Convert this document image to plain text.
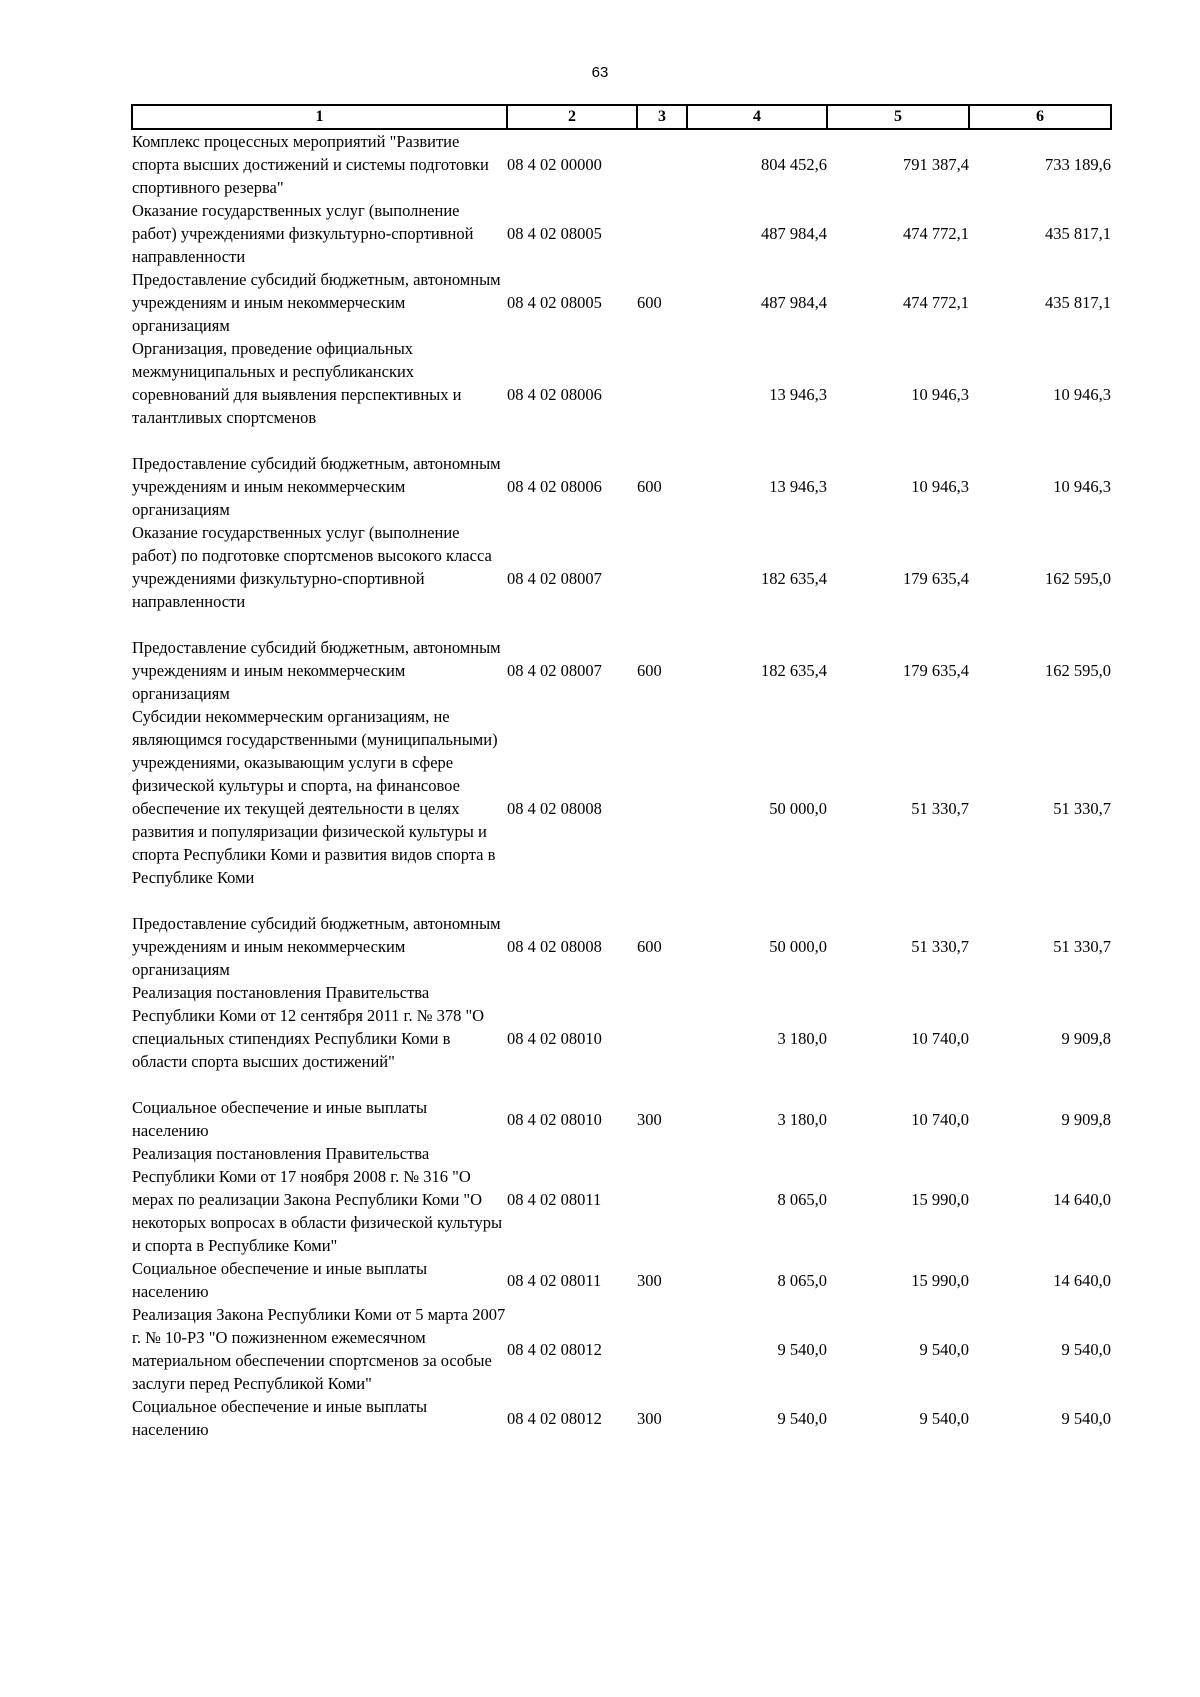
63
1	2	3	4	5	6
Комплекс процессных мероприятий "Развитие спорта высших достижений и системы подготовки спортивного резерва"	08 4 02 00000		804 452,6	791 387,4	733 189,6
Оказание государственных услуг (выполнение работ) учреждениями физкультурно-спортивной направленности	08 4 02 08005		487 984,4	474 772,1	435 817,1
Предоставление субсидий бюджетным, автономным учреждениям и иным некоммерческим организациям	08 4 02 08005	600	487 984,4	474 772,1	435 817,1
Организация, проведение официальных межмуниципальных и республиканских соревнований для выявления перспективных и талантливых спортсменов	08 4 02 08006		13 946,3	10 946,3	10 946,3
Предоставление субсидий бюджетным, автономным учреждениям и иным некоммерческим организациям	08 4 02 08006	600	13 946,3	10 946,3	10 946,3
Оказание государственных услуг (выполнение работ) по подготовке спортсменов высокого класса учреждениями физкультурно-спортивной направленности	08 4 02 08007		182 635,4	179 635,4	162 595,0
Предоставление субсидий бюджетным, автономным учреждениям и иным некоммерческим организациям	08 4 02 08007	600	182 635,4	179 635,4	162 595,0
Субсидии некоммерческим организациям, не являющимся государственными (муниципальными) учреждениями, оказывающим услуги в сфере физической культуры и спорта, на финансовое обеспечение их текущей деятельности в целях развития и популяризации физической культуры и спорта Республики Коми и развития видов спорта в Республике Коми	08 4 02 08008		50 000,0	51 330,7	51 330,7
Предоставление субсидий бюджетным, автономным учреждениям и иным некоммерческим организациям	08 4 02 08008	600	50 000,0	51 330,7	51 330,7
Реализация постановления Правительства Республики Коми от 12 сентября 2011 г. № 378 "О специальных стипендиях Республики Коми в области спорта высших достижений"	08 4 02 08010		3 180,0	10 740,0	9 909,8
Социальное обеспечение и иные выплаты населению	08 4 02 08010	300	3 180,0	10 740,0	9 909,8
Реализация постановления Правительства Республики Коми от 17 ноября 2008 г. № 316 "О мерах по реализации Закона Республики Коми "О некоторых вопросах в области физической культуры и спорта в Республике Коми"	08 4 02 08011		8 065,0	15 990,0	14 640,0
Социальное обеспечение и иные выплаты населению	08 4 02 08011	300	8 065,0	15 990,0	14 640,0
Реализация Закона Республики Коми от 5 марта 2007 г. № 10-РЗ "О пожизненном ежемесячном материальном обеспечении спортсменов за особые заслуги перед Республикой Коми"	08 4 02 08012		9 540,0	9 540,0	9 540,0
Социальное обеспечение и иные выплаты населению	08 4 02 08012	300	9 540,0	9 540,0	9 540,0
